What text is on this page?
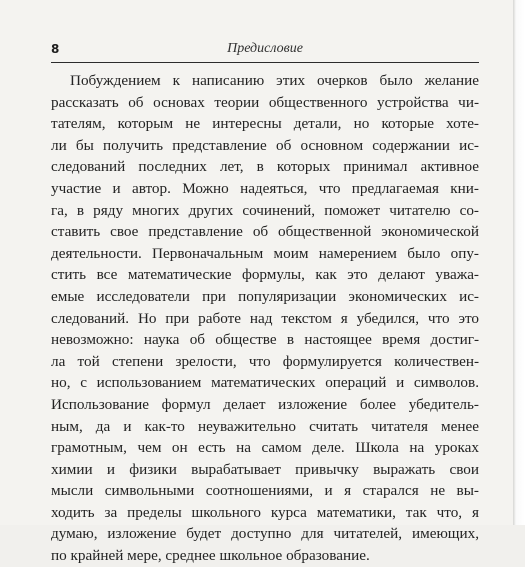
8	Предисловие
Побуждением к написанию этих очерков было желание
рассказать об основах теории общественного устройства чи-
тателям, которым не интересны детали, но которые хоте-
ли бы получить представление об основном содержании ис-
следований последних лет, в которых принимал активное
участие и автор. Можно надеяться, что предлагаемая кни-
га, в ряду многих других сочинений, поможет читателю со-
ставить свое представление об общественной экономической
деятельности. Первоначальным моим намерением было опу-
стить все математические формулы, как это делают уважа-
емые исследователи при популяризации экономических ис-
следований. Но при работе над текстом я убедился, что это
невозможно: наука об обществе в настоящее время достиг-
ла той степени зрелости, что формулируется количествен-
но, с использованием математических операций и символов.
Использование формул делает изложение более убедитель-
ным, да и как-то неуважительно считать читателя менее
грамотным, чем он есть на самом деле. Школа на уроках
химии и физики вырабатывает привычку выражать свои
мысли символьными соотношениями, и я старался не вы-
ходить за пределы школьного курса математики, так что, я
думаю, изложение будет доступно для читателей, имеющих,
по крайней мере, среднее школьное образование.
